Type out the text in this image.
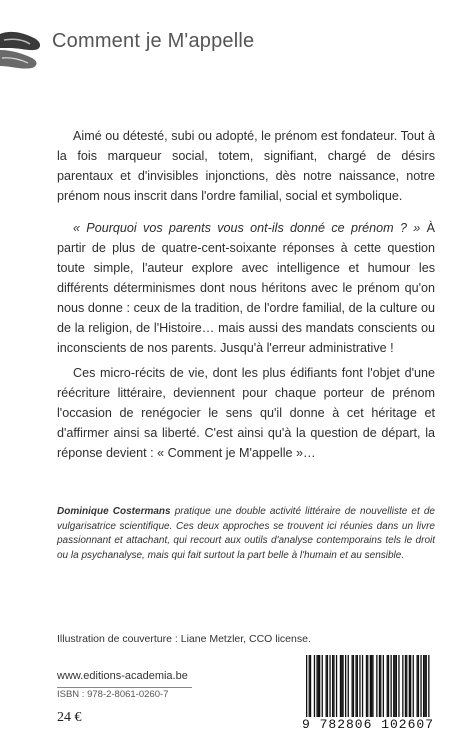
Comment je M'appelle

Aimé ou détesté, subi ou adopté, le prénom est fondateur. Tout à la fois marqueur social, totem, signifiant, chargé de désirs parentaux et d'invisibles injonctions, dès notre naissance, notre prénom nous inscrit dans l'ordre familial, social et symbolique.

« Pourquoi vos parents vous ont-ils donné ce prénom ? » À partir de plus de quatre-cent-soixante réponses à cette question toute simple, l'auteur explore avec intelligence et humour les différents déterminismes dont nous héritons avec le prénom qu'on nous donne : ceux de la tradition, de l'ordre familial, de la culture ou de la religion, de l'Histoire… mais aussi des mandats conscients ou inconscients de nos parents. Jusqu'à l'erreur administrative !

Ces micro-récits de vie, dont les plus édifiants font l'objet d'une réécriture littéraire, deviennent pour chaque porteur de prénom l'occasion de renégocier le sens qu'il donne à cet héritage et d'affirmer ainsi sa liberté. C'est ainsi qu'à la question de départ, la réponse devient : « Comment je M'appelle »…

Dominique Costermans pratique une double activité littéraire de nouvelliste et de vulgarisatrice scientifique. Ces deux approches se trouvent ici réunies dans un livre passionnant et attachant, qui recourt aux outils d'analyse contemporains tels le droit ou la psychanalyse, mais qui fait surtout la part belle à l'humain et au sensible.

Illustration de couverture : Liane Metzler, CCO license.
www.editions-academia.be
ISBN : 978-2-8061-0260-7
24 €	9 782806 102607
